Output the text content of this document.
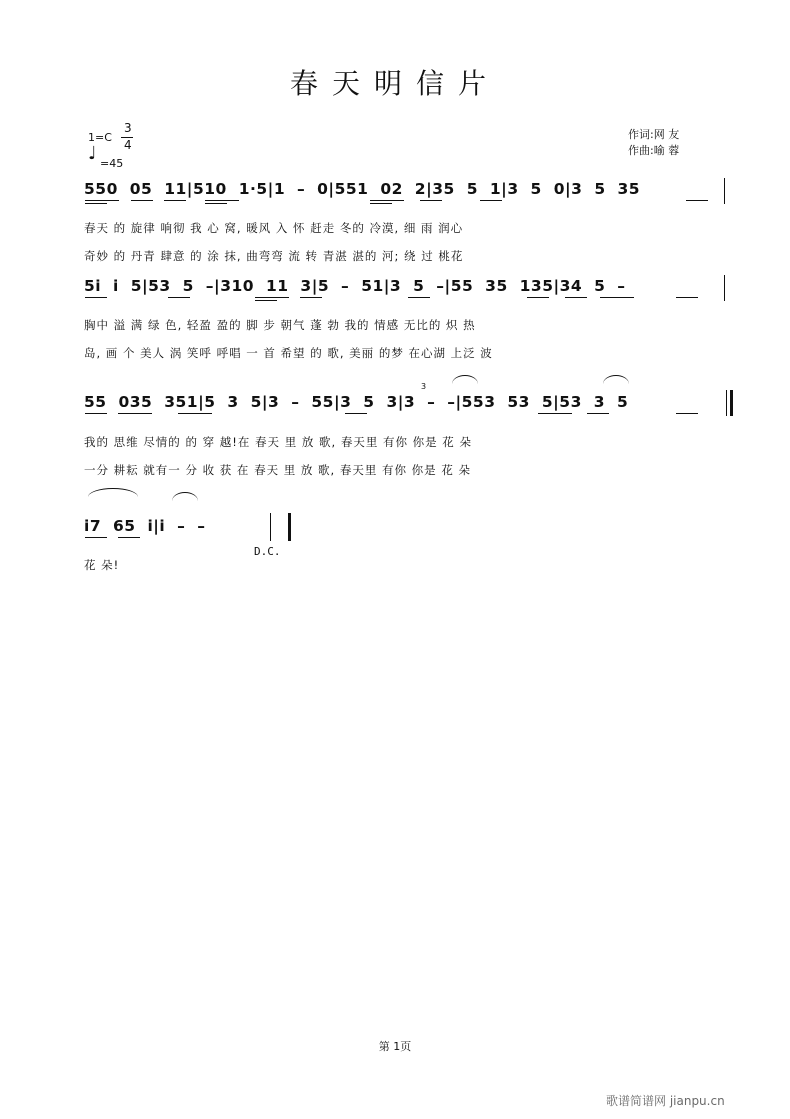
春天明信片
1=C
3
4
♩ =45
作词:网 友
作曲:喻 蓉
550 05 11|510 1·5|1 – 0|551 02 2|35 5 1|3 5 0|3 5 35
春天 的 旋律 响彻 我 心 窝, 暖风 入 怀 赶走 冬的 冷漠, 细 雨 润心
奇妙 的 丹青 肆意 的 涂 抹, 曲弯弯 流 转 青湛 湛的 河; 绕 过 桃花
5i i 5|53 5 –|310 11 3|5 – 51|3 5 –|55 35 135|34 5 –
胸中 溢 满 绿 色, 轻盈 盈的 脚 步 朝气 蓬 勃 我的 情感 无比的 炽 热
岛, 画 个 美人 涡 笑呼 呼唱 一 首 希望 的 歌, 美丽 的梦 在心湖 上泛 波
3
55 035 351|5 3 5|3 – 55|3 5 3|3 – –|553 53 5|53 3 5
我的 思维 尽情的 的 穿 越!在 春天 里 放 歌, 春天里 有你 你是 花 朵
一分 耕耘 就有一 分 收 获 在 春天 里 放 歌, 春天里 有你 你是 花 朵
i7 65 i|i – –
D.C.
花 朵!
第 1页
歌谱简谱网 jianpu.cn
